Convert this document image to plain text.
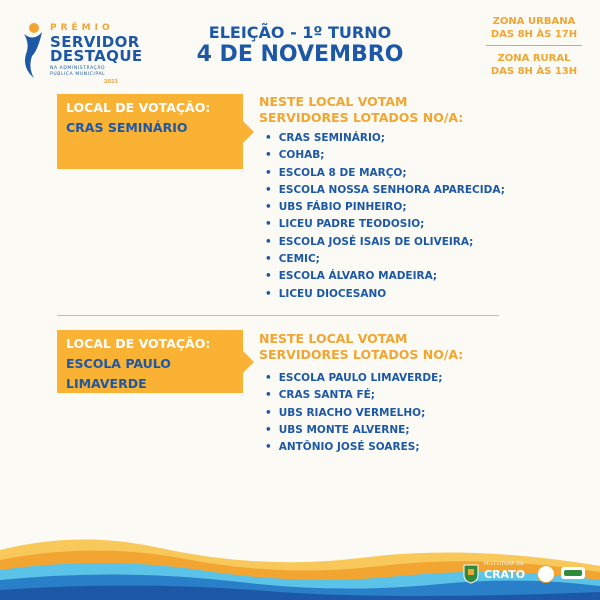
PRÊMIO
SERVIDOR
DESTAQUE
NA ADMINISTRAÇÃO
PÚBLICA MUNICIPAL
2023
ELEIÇÃO - 1º TURNO
4 DE NOVEMBRO
ZONA URBANA
DAS 8H ÀS 17H
ZONA RURAL
DAS 8H ÀS 13H
LOCAL DE VOTAÇÃO:
CRAS SEMINÁRIO
NESTE LOCAL VOTAM
SERVIDORES LOTADOS NO/A:
• CRAS SEMINÁRIO;
• COHAB;
• ESCOLA 8 DE MARÇO;
• ESCOLA NOSSA SENHORA APARECIDA;
• UBS FÁBIO PINHEIRO;
• LICEU PADRE TEODOSIO;
• ESCOLA JOSÉ ISAIS DE OLIVEIRA;
• CEMIC;
• ESCOLA ÁLVARO MADEIRA;
• LICEU DIOCESANO
LOCAL DE VOTAÇÃO:
ESCOLA PAULO
LIMAVERDE
NESTE LOCAL VOTAM
SERVIDORES LOTADOS NO/A:
• ESCOLA PAULO LIMAVERDE;
• CRAS SANTA FÉ;
• UBS RIACHO VERMELHO;
• UBS MONTE ALVERNE;
• ANTÔNIO JOSÉ SOARES;
PREFEITURA DO
CRATO
